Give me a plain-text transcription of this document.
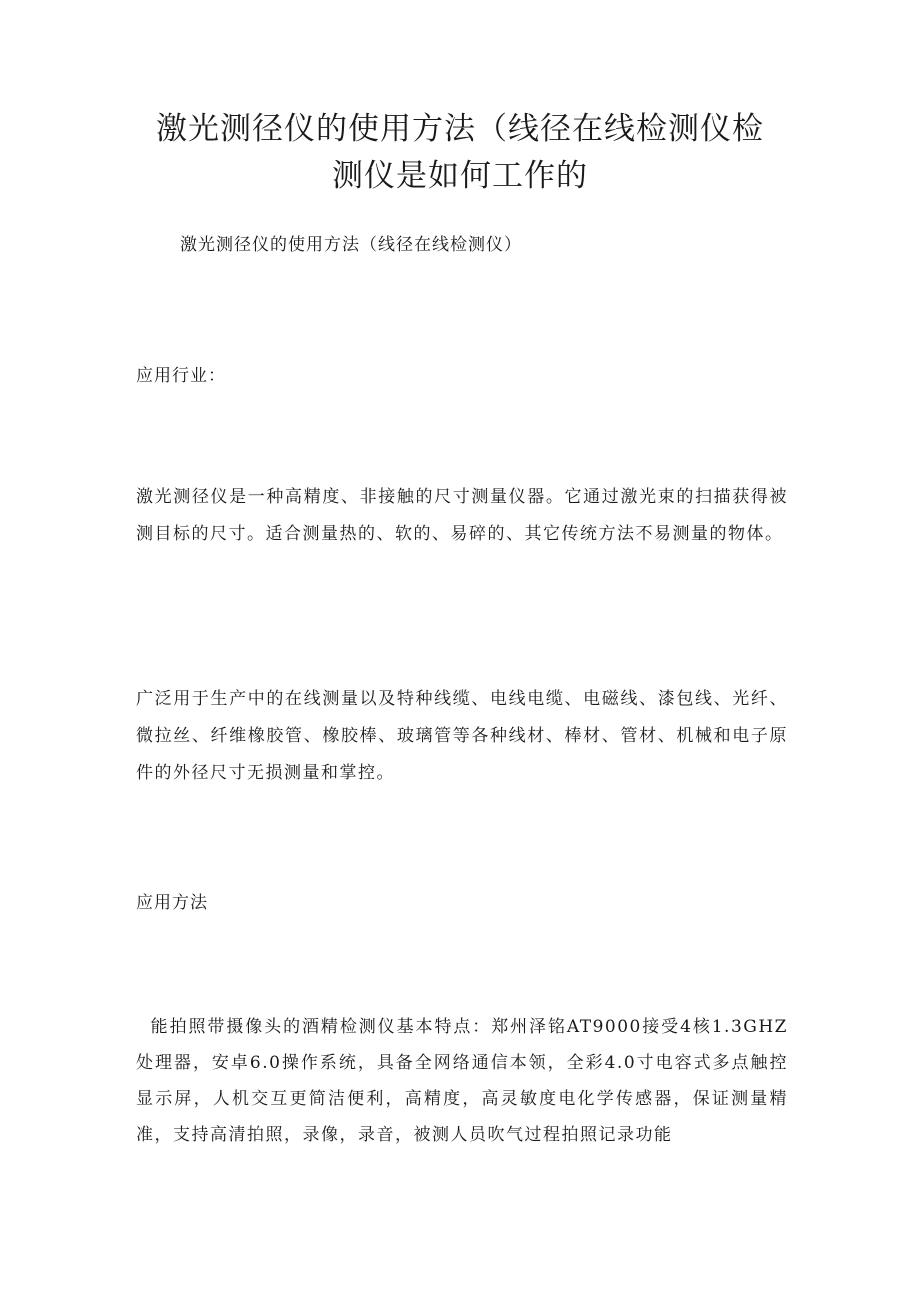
激光测径仪的使用方法（线径在线检测仪检
测仪是如何工作的

激光测径仪的使用方法（线径在线检测仪）

应用行业：

激光测径仪是一种高精度、非接触的尺寸测量仪器。它通过激光束的扫描获得被测目标的尺寸。适合测量热的、软的、易碎的、其它传统方法不易测量的物体。

广泛用于生产中的在线测量以及特种线缆、电线电缆、电磁线、漆包线、光纤、微拉丝、纤维橡胶管、橡胶棒、玻璃管等各种线材、棒材、管材、机械和电子原件的外径尺寸无损测量和掌控。

应用方法

能拍照带摄像头的酒精检测仪基本特点：郑州泽铭AT9000接受4核1.3GHZ处理器，安卓6.0操作系统，具备全网络通信本领，全彩4.0寸电容式多点触控显示屏，人机交互更简洁便利，高精度，高灵敏度电化学传感器，保证测量精准，支持高清拍照，录像，录音，被测人员吹气过程拍照记录功能
